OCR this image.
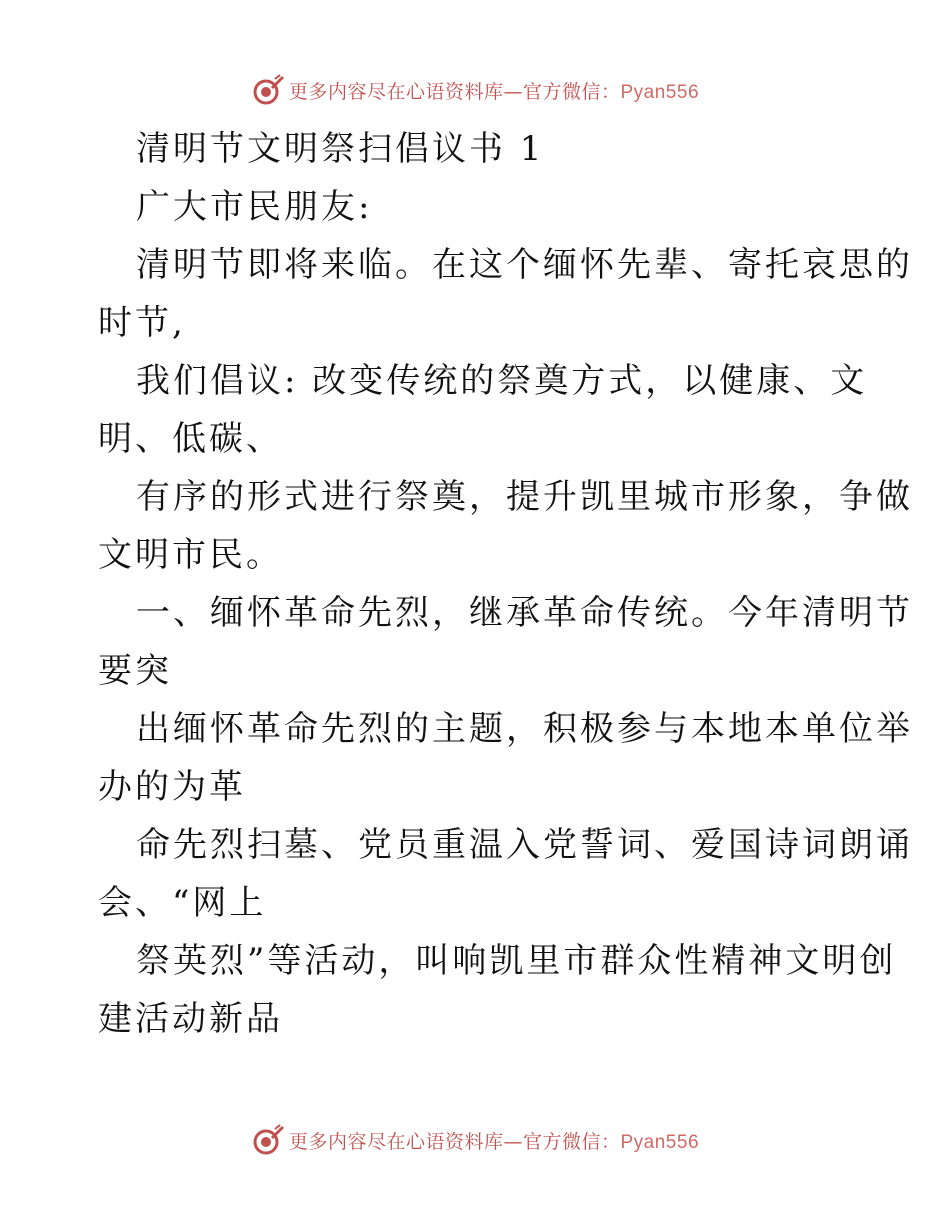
更多内容尽在心语资料库—官方微信：Pyan556
清明节文明祭扫倡议书 1
广大市民朋友:
清明节即将来临。在这个缅怀先辈、寄托哀思的
时节,
我们倡议: 改变传统的祭奠方式，以健康、文
明、低碳、
有序的形式进行祭奠，提升凯里城市形象，争做
文明市民。
一、缅怀革命先烈，继承革命传统。今年清明节
要突
出缅怀革命先烈的主题，积极参与本地本单位举
办的为革
命先烈扫墓、党员重温入党誓词、爱国诗词朗诵
会、“网上
祭英烈”等活动，叫响凯里市群众性精神文明创
建活动新品
更多内容尽在心语资料库—官方微信：Pyan556
